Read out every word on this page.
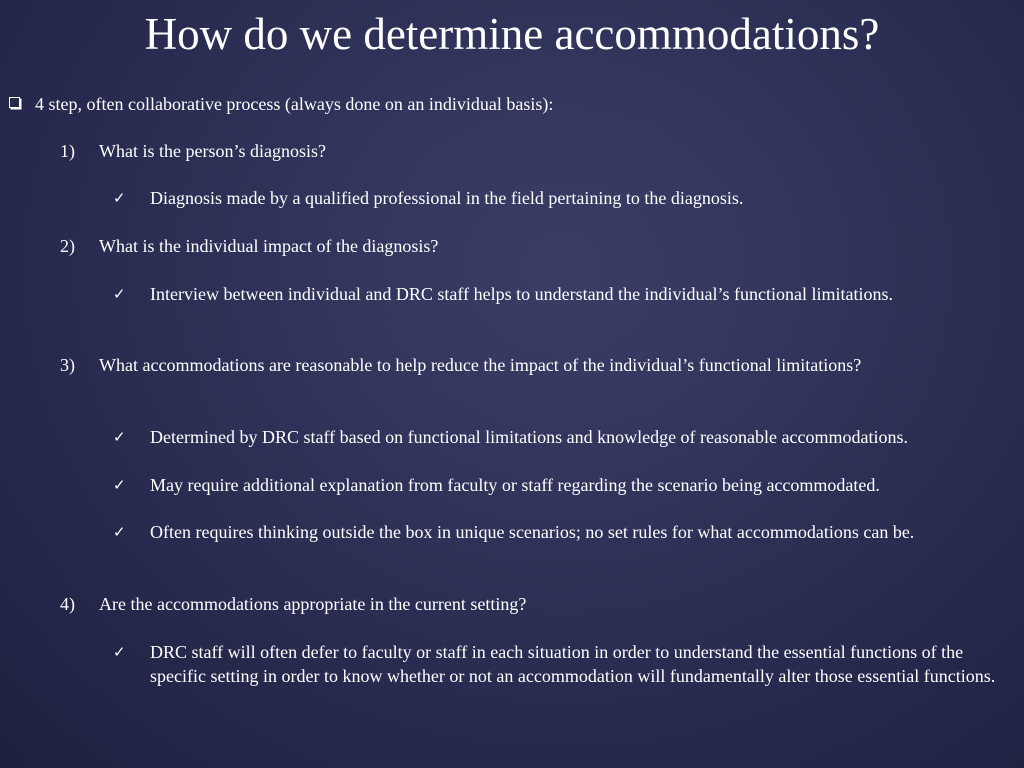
How do we determine accommodations?
4 step, often collaborative process (always done on an individual basis):
1)	What is the person’s diagnosis?
✓ Diagnosis made by a qualified professional in the field pertaining to the diagnosis.
2)	What is the individual impact of the diagnosis?
✓ Interview between individual and DRC staff helps to understand the individual’s functional limitations.
3)	What accommodations are reasonable to help reduce the impact of the individual’s functional limitations?
✓ Determined by DRC staff based on functional limitations and knowledge of reasonable accommodations.
✓ May require additional explanation from faculty or staff regarding the scenario being accommodated.
✓ Often requires thinking outside the box in unique scenarios; no set rules for what accommodations can be.
4)	Are the accommodations appropriate in the current setting?
✓ DRC staff will often defer to faculty or staff in each situation in order to understand the essential functions of the specific setting in order to know whether or not an accommodation will fundamentally alter those essential functions.
